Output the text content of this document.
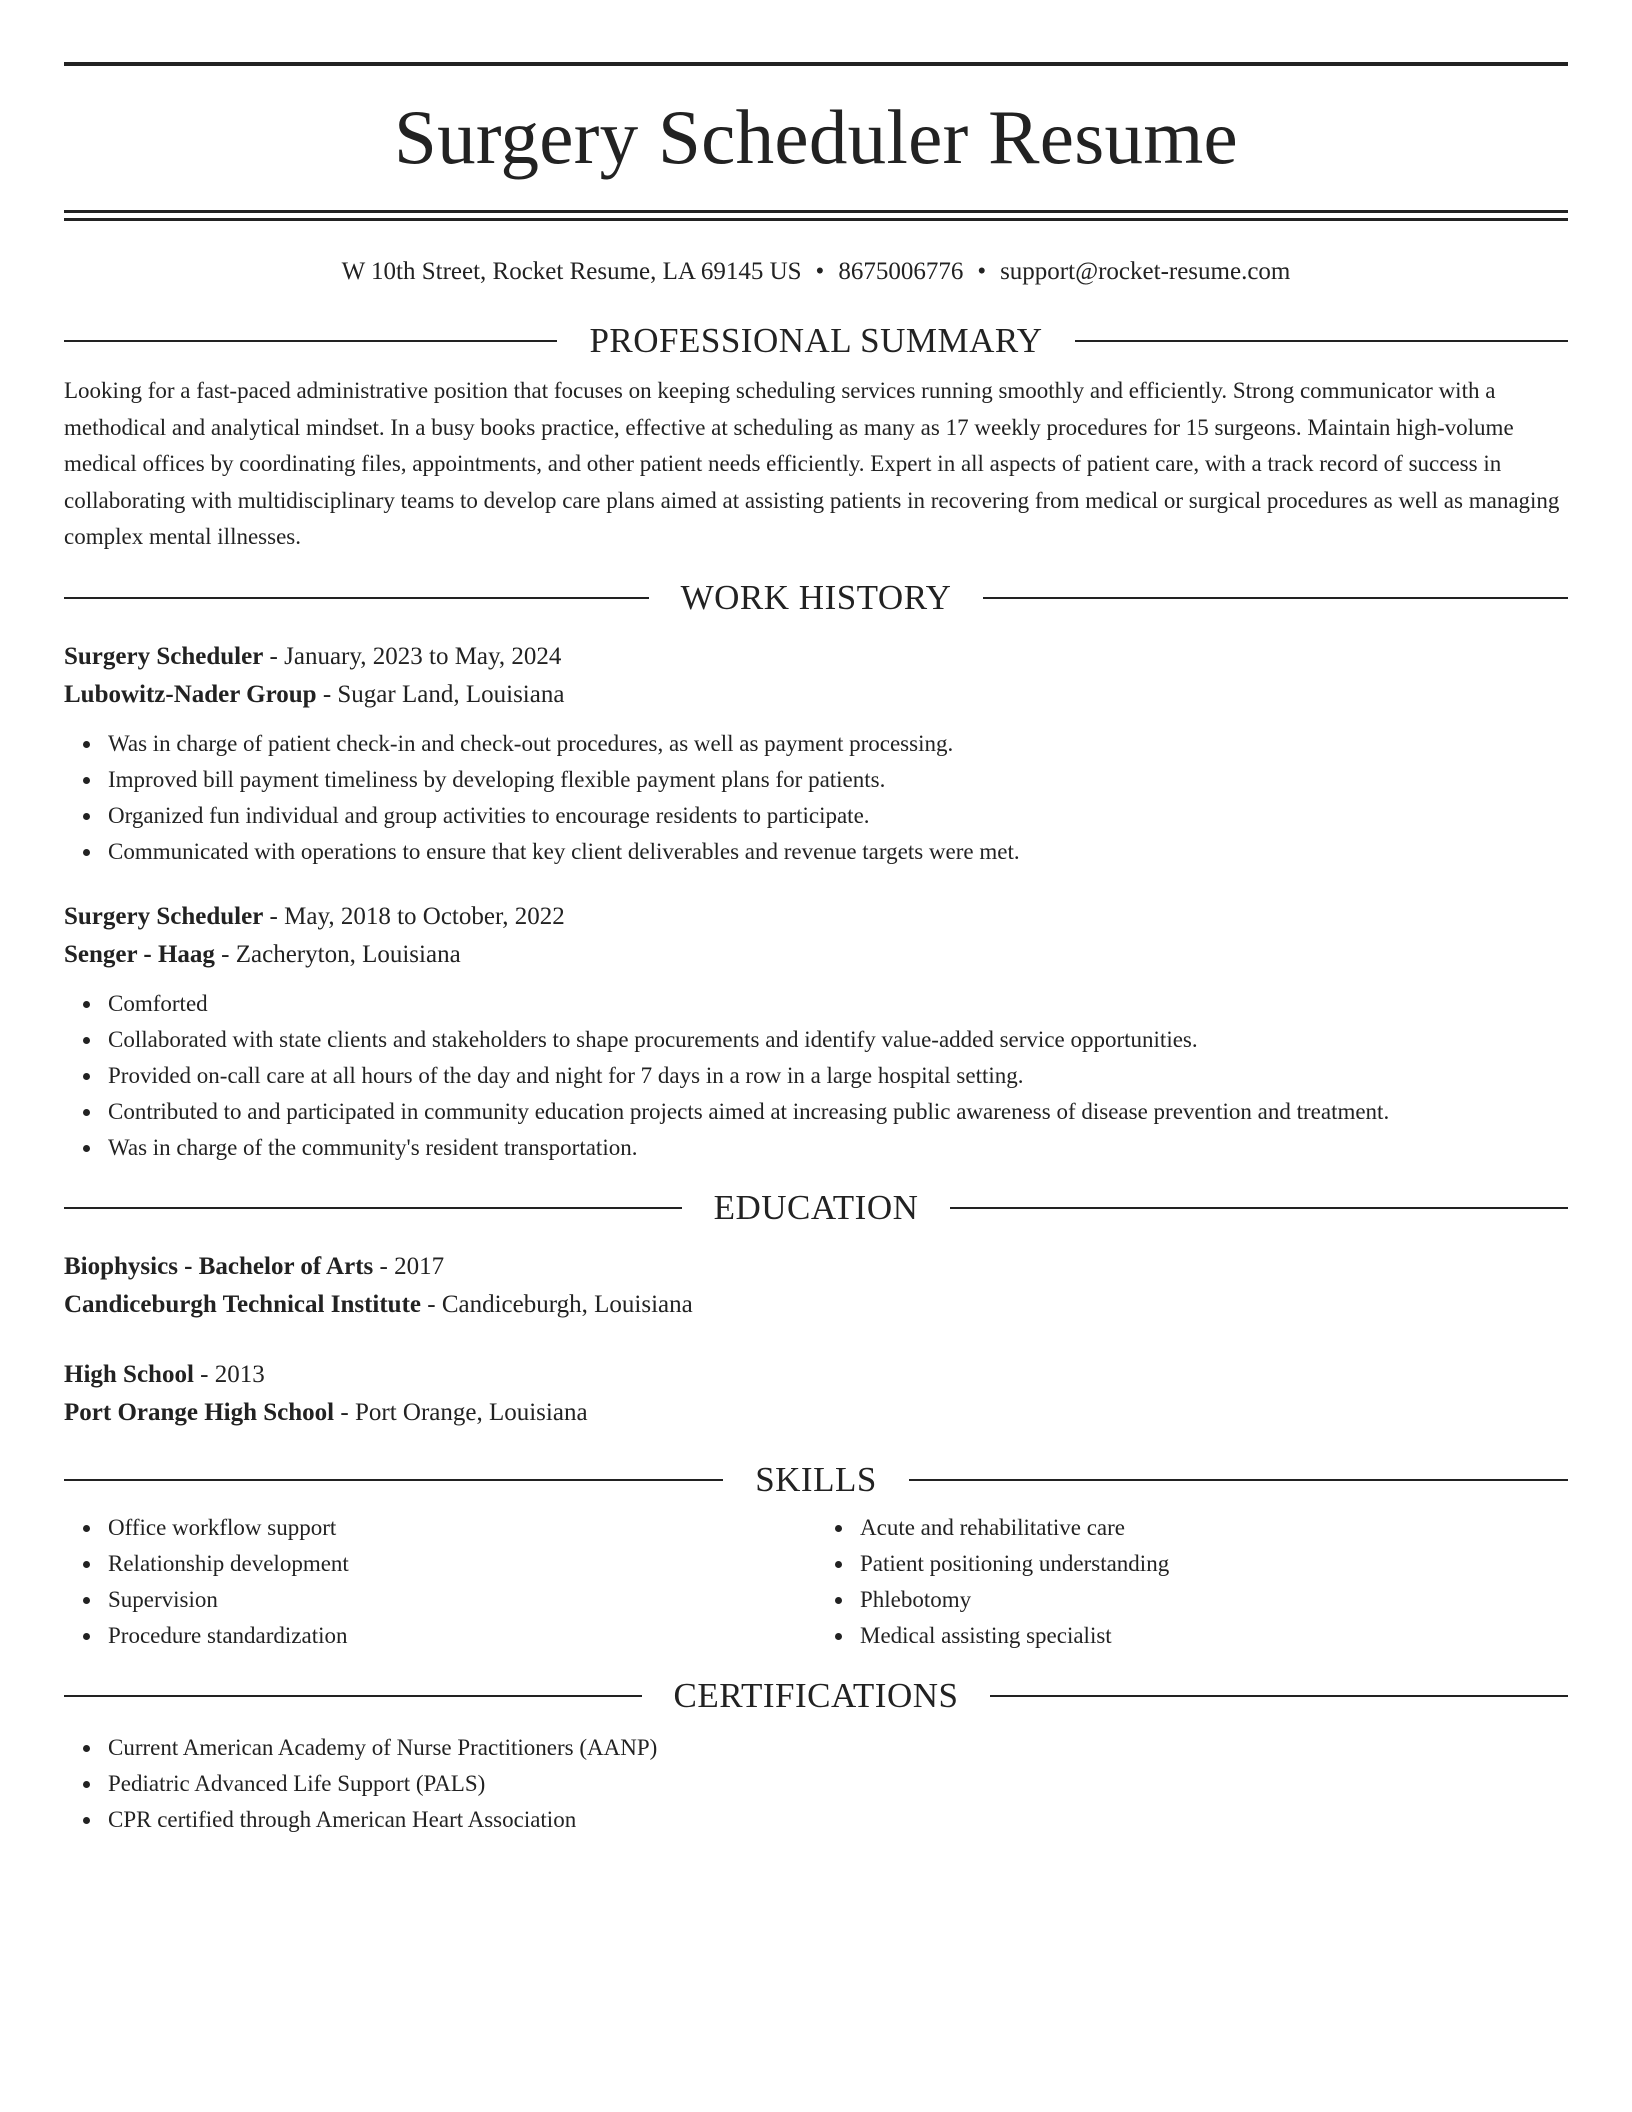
Surgery Scheduler Resume
W 10th Street, Rocket Resume, LA 69145 US • 8675006776 • support@rocket-resume.com
PROFESSIONAL SUMMARY

Looking for a fast-paced administrative position that focuses on keeping scheduling services running smoothly and efficiently. Strong communicator with a methodical and analytical mindset. In a busy books practice, effective at scheduling as many as 17 weekly procedures for 15 surgeons. Maintain high-volume medical offices by coordinating files, appointments, and other patient needs efficiently. Expert in all aspects of patient care, with a track record of success in collaborating with multidisciplinary teams to develop care plans aimed at assisting patients in recovering from medical or surgical procedures as well as managing complex mental illnesses.

WORK HISTORY
Surgery Scheduler - January, 2023 to May, 2024
Lubowitz-Nader Group - Sugar Land, Louisiana
Was in charge of patient check-in and check-out procedures, as well as payment processing.
Improved bill payment timeliness by developing flexible payment plans for patients.
Organized fun individual and group activities to encourage residents to participate.
Communicated with operations to ensure that key client deliverables and revenue targets were met.
Surgery Scheduler - May, 2018 to October, 2022
Senger - Haag - Zacheryton, Louisiana
Comforted
Collaborated with state clients and stakeholders to shape procurements and identify value-added service opportunities.
Provided on-call care at all hours of the day and night for 7 days in a row in a large hospital setting.
Contributed to and participated in community education projects aimed at increasing public awareness of disease prevention and treatment.
Was in charge of the community's resident transportation.
EDUCATION
Biophysics - Bachelor of Arts - 2017
Candiceburgh Technical Institute - Candiceburgh, Louisiana
High School - 2013
Port Orange High School - Port Orange, Louisiana
SKILLS
Office workflow support
Relationship development
Supervision
Procedure standardization
Acute and rehabilitative care
Patient positioning understanding
Phlebotomy
Medical assisting specialist
CERTIFICATIONS
Current American Academy of Nurse Practitioners (AANP)
Pediatric Advanced Life Support (PALS)
CPR certified through American Heart Association
